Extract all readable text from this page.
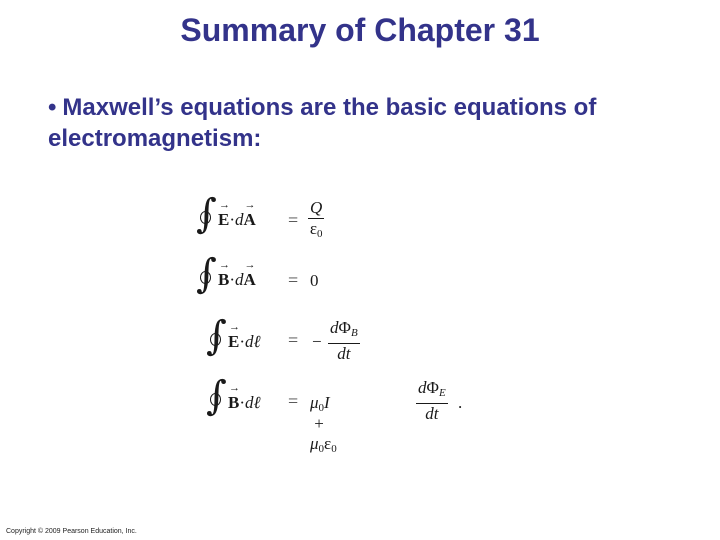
Summary of Chapter 31
• Maxwell’s equations are the basic equations of electromagnetism:
∫ → $E\cdot d\to A = \frac{Q}{\varepsilon_0}$
∫ → B·d→ A = 0
∫ → E·dℓ = −
$d\Phi_B$
dt
∫ → B·dℓ = $\mu_0I + \mu_0\varepsilon_0$
$d\Phi_E$
dt
.
Copyright © 2009 Pearson Education, Inc.
